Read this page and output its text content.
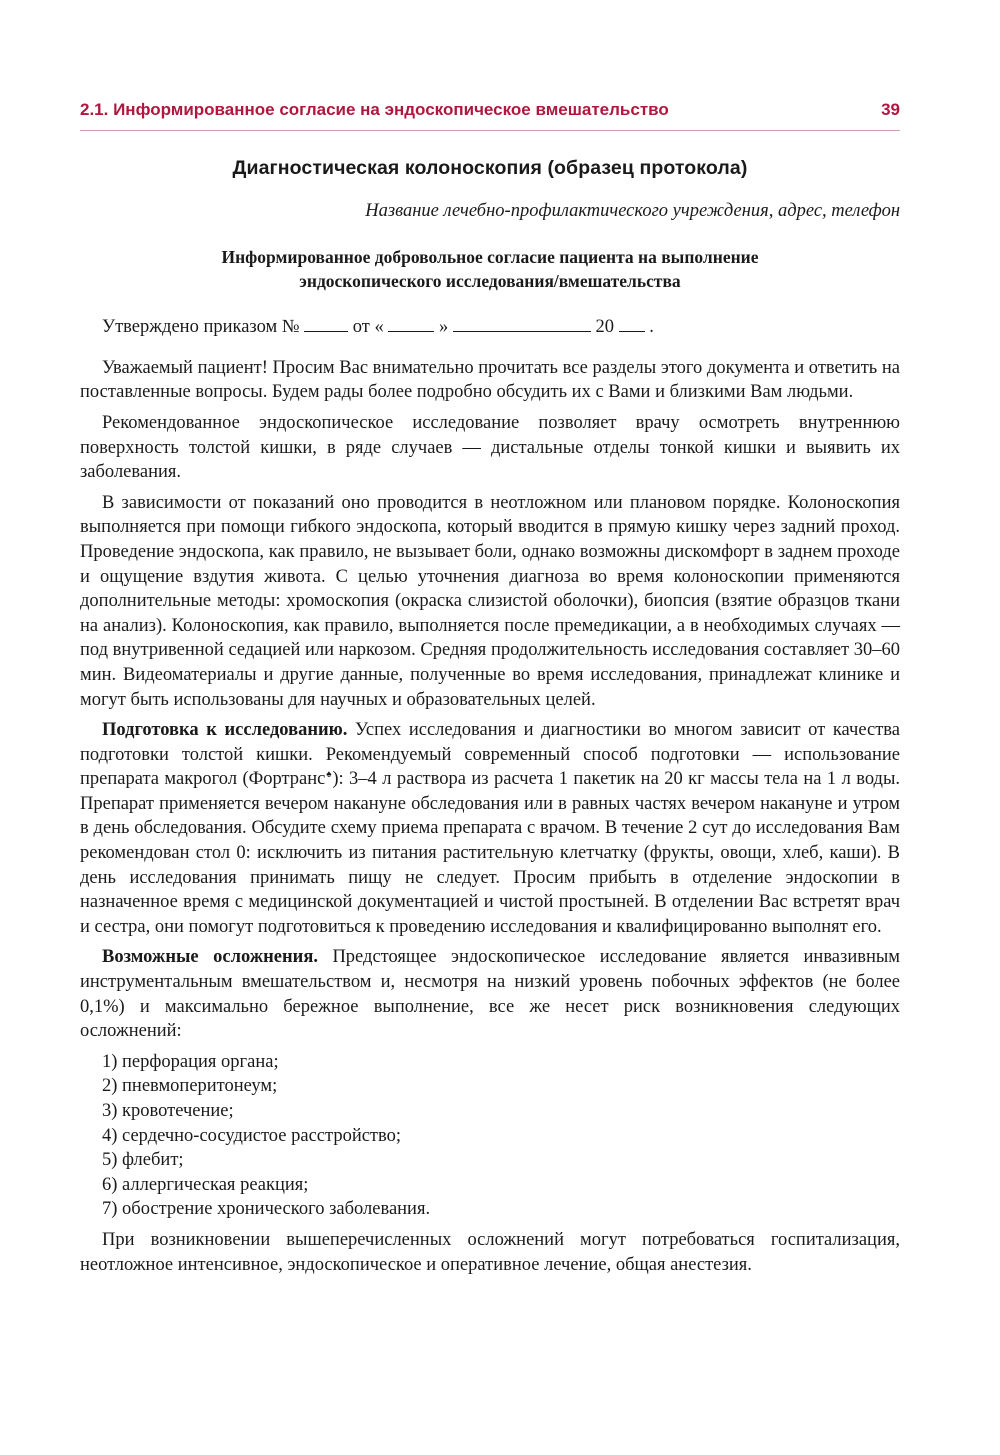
2.1. Информированное согласие на эндоскопическое вмешательство	39
Диагностическая колоноскопия (образец протокола)
Название лечебно-профилактического учреждения, адрес, телефон
Информированное добровольное согласие пациента на выполнение
эндоскопического исследования/вмешательства
Утверждено приказом №	от «	»	20 .

Уважаемый пациент! Просим Вас внимательно прочитать все разделы этого документа и ответить на поставленные вопросы. Будем рады более подробно обсудить их с Вами и близкими Вам людьми.

Рекомендованное эндоскопическое исследование позволяет врачу осмотреть внутреннюю поверхность толстой кишки, в ряде случаев — дистальные отделы тонкой кишки и выявить их заболевания.

В зависимости от показаний оно проводится в неотложном или плановом порядке. Колоноскопия выполняется при помощи гибкого эндоскопа, который вводится в прямую кишку через задний проход. Проведение эндоскопа, как правило, не вызывает боли, однако возможны дискомфорт в заднем проходе и ощущение вздутия живота. С целью уточнения диагноза во время колоноскопии применяются дополнительные методы: хромоскопия (окраска слизистой оболочки), биопсия (взятие образцов ткани на анализ). Колоноскопия, как правило, выполняется после премедикации, а в необходимых случаях — под внутривенной седацией или наркозом. Средняя продолжительность исследования составляет 30–60 мин. Видеоматериалы и другие данные, полученные во время исследования, принадлежат клинике и могут быть использованы для научных и образовательных целей.

Подготовка к исследованию. Успех исследования и диагностики во многом зависит от качества подготовки толстой кишки. Рекомендуемый современный способ подготовки — использование препарата макрогол (Фортранс♠): 3–4 л раствора из расчета 1 пакетик на 20 кг массы тела на 1 л воды. Препарат применяется вечером накануне обследования или в равных частях вечером накануне и утром в день обследования. Обсудите схему приема препарата с врачом. В течение 2 сут до исследования Вам рекомендован стол 0: исключить из питания растительную клетчатку (фрукты, овощи, хлеб, каши). В день исследования принимать пищу не следует. Просим прибыть в отделение эндоскопии в назначенное время с медицинской документацией и чистой простыней. В отделении Вас встретят врач и сестра, они помогут подготовиться к проведению исследования и квалифицированно выполнят его.

Возможные осложнения. Предстоящее эндоскопическое исследование является инвазивным инструментальным вмешательством и, несмотря на низкий уровень побочных эффектов (не более 0,1%) и максимально бережное выполнение, все же несет риск возникновения следующих осложнений:

1) перфорация органа;
2) пневмоперитонеум;
3) кровотечение;
4) сердечно-сосудистое расстройство;
5) флебит;
6) аллергическая реакция;
7) обострение хронического заболевания.

При возникновении вышеперечисленных осложнений могут потребоваться госпитализация, неотложное интенсивное, эндоскопическое и оперативное лечение, общая анестезия.
